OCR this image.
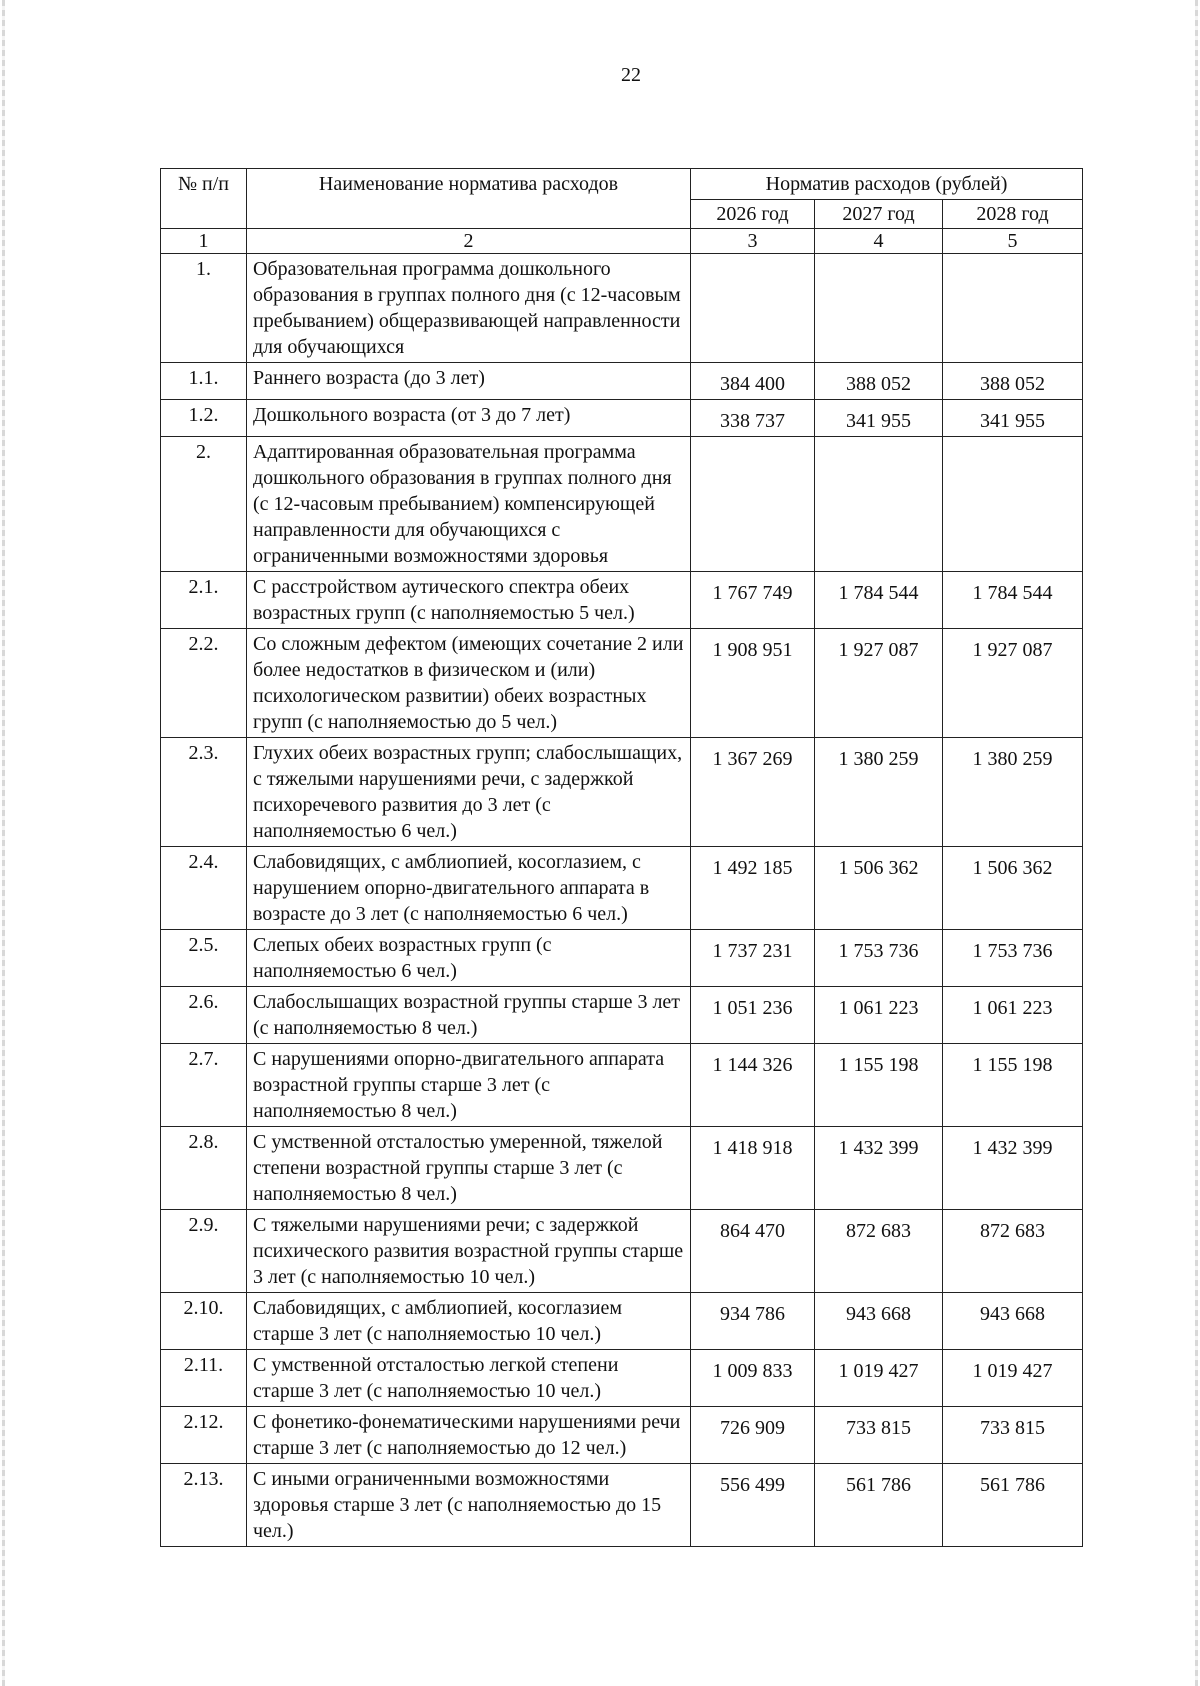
22
№ п/п	Наименование норматива расходов	Норматив расходов (рублей)		
		2026 год	2027 год	2028 год
1	2	3	4	5
1.	Образовательная программа дошкольного образования в группах полного дня (с 12-часовым пребыванием) общеразвивающей направленности для обучающихся			
1.1.	Раннего возраста (до 3 лет)	384 400	388 052	388 052
1.2.	Дошкольного возраста (от 3 до 7 лет)	338 737	341 955	341 955
2.	Адаптированная образовательная программа дошкольного образования в группах полного дня (с 12-часовым пребыванием) компенсирующей направленности для обучающихся с ограниченными возможностями здоровья			
2.1.	С расстройством аутического спектра обеих возрастных групп (с наполняемостью 5 чел.)	1 767 749	1 784 544	1 784 544
2.2.	Со сложным дефектом (имеющих сочетание 2 или более недостатков в физическом и (или) психологическом развитии) обеих возрастных групп (с наполняемостью до 5 чел.)	1 908 951	1 927 087	1 927 087
2.3.	Глухих обеих возрастных групп; слабослышащих, с тяжелыми нарушениями речи, с задержкой психоречевого развития до 3 лет (с наполняемостью 6 чел.)	1 367 269	1 380 259	1 380 259
2.4.	Слабовидящих, с амблиопией, косоглазием, с нарушением опорно-двигательного аппарата в возрасте до 3 лет (с наполняемостью 6 чел.)	1 492 185	1 506 362	1 506 362
2.5.	Слепых обеих возрастных групп (с наполняемостью 6 чел.)	1 737 231	1 753 736	1 753 736
2.6.	Слабослышащих возрастной группы старше 3 лет (с наполняемостью 8 чел.)	1 051 236	1 061 223	1 061 223
2.7.	С нарушениями опорно-двигательного аппарата возрастной группы старше 3 лет (с наполняемостью 8 чел.)	1 144 326	1 155 198	1 155 198
2.8.	С умственной отсталостью умеренной, тяжелой степени возрастной группы старше 3 лет (с наполняемостью 8 чел.)	1 418 918	1 432 399	1 432 399
2.9.	С тяжелыми нарушениями речи; с задержкой психического развития возрастной группы старше 3 лет (с наполняемостью 10 чел.)	864 470	872 683	872 683
2.10.	Слабовидящих, с амблиопией, косоглазием старше 3 лет (с наполняемостью 10 чел.)	934 786	943 668	943 668
2.11.	С умственной отсталостью легкой степени старше 3 лет (с наполняемостью 10 чел.)	1 009 833	1 019 427	1 019 427
2.12.	С фонетико-фонематическими нарушениями речи старше 3 лет (с наполняемостью до 12 чел.)	726 909	733 815	733 815
2.13.	С иными ограниченными возможностями здоровья старше 3 лет (с наполняемостью до 15 чел.)	556 499	561 786	561 786
